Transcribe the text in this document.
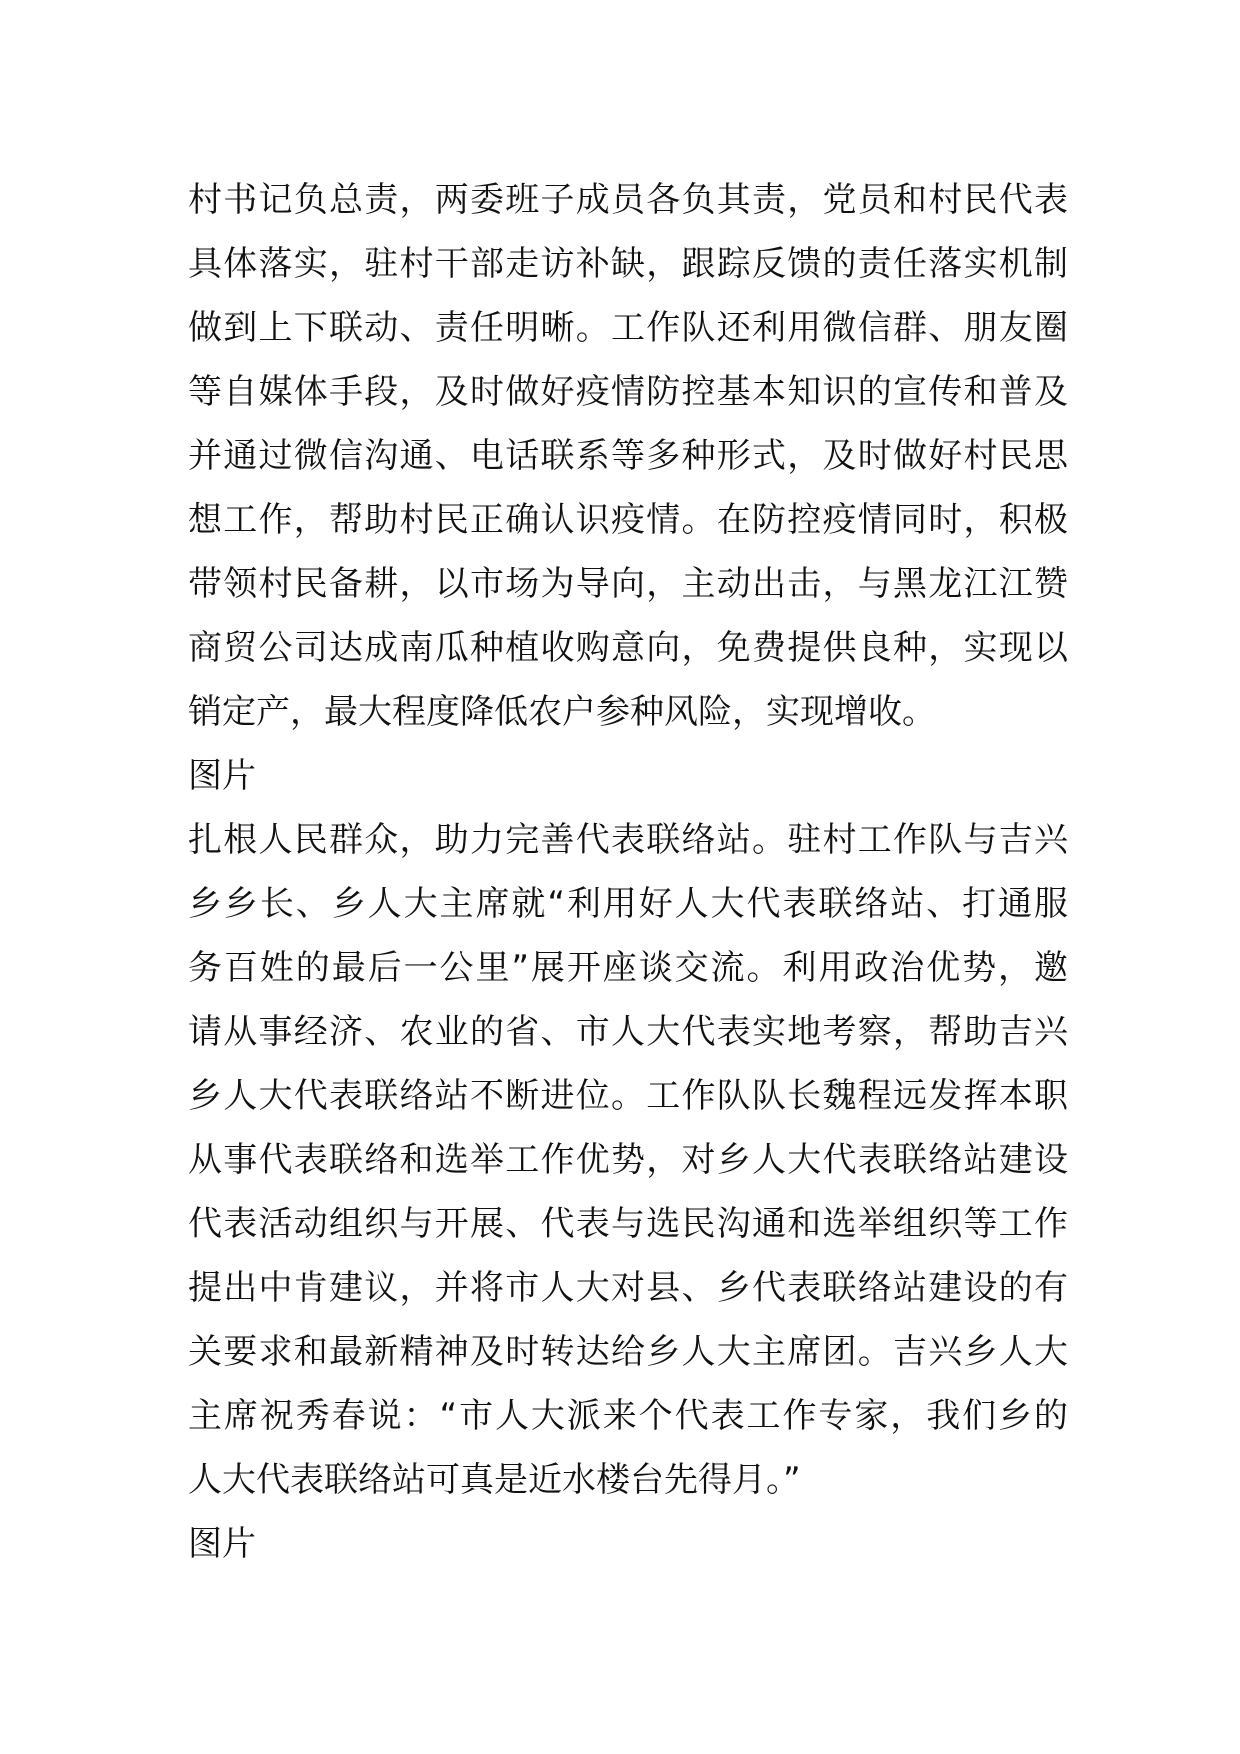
村书记负总责，两委班子成员各负其责，党员和村民代表
具体落实，驻村干部走访补缺，跟踪反馈的责任落实机制
做到上下联动、责任明晰。工作队还利用微信群、朋友圈
等自媒体手段，及时做好疫情防控基本知识的宣传和普及
并通过微信沟通、电话联系等多种形式，及时做好村民思
想工作，帮助村民正确认识疫情。在防控疫情同时，积极
带领村民备耕，以市场为导向，主动出击，与黑龙江江赞
商贸公司达成南瓜种植收购意向，免费提供良种，实现以
销定产，最大程度降低农户参种风险，实现增收。
图片
扎根人民群众，助力完善代表联络站。驻村工作队与吉兴
乡乡长、乡人大主席就“利用好人大代表联络站、打通服
务百姓的最后一公里”展开座谈交流。利用政治优势，邀
请从事经济、农业的省、市人大代表实地考察，帮助吉兴
乡人大代表联络站不断进位。工作队队长魏程远发挥本职
从事代表联络和选举工作优势，对乡人大代表联络站建设
代表活动组织与开展、代表与选民沟通和选举组织等工作
提出中肯建议，并将市人大对县、乡代表联络站建设的有
关要求和最新精神及时转达给乡人大主席团。吉兴乡人大
主席祝秀春说：“市人大派来个代表工作专家，我们乡的
人大代表联络站可真是近水楼台先得月。”
图片
